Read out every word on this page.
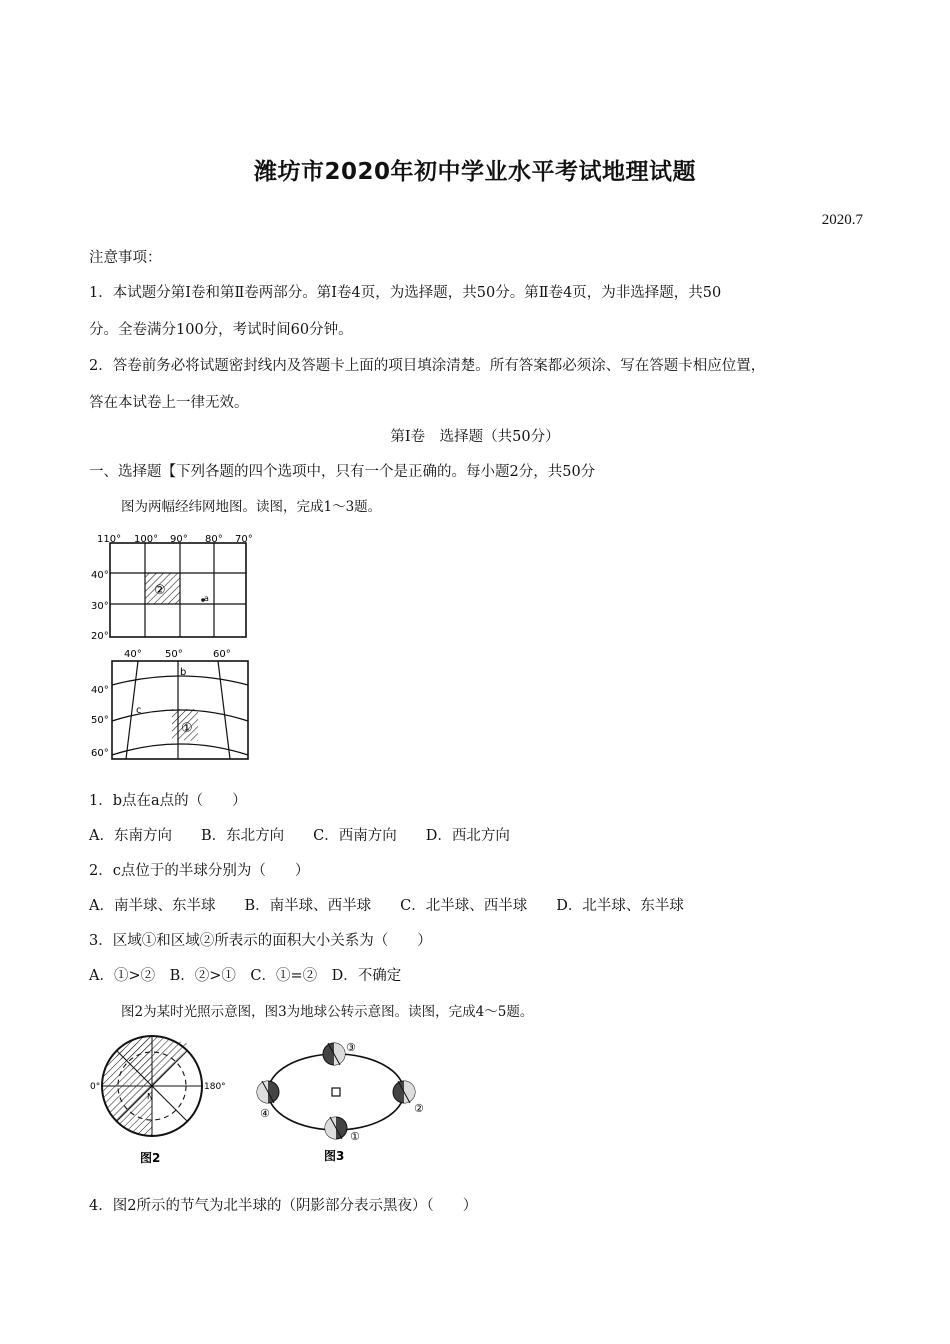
潍坊市2020年初中学业水平考试地理试题
2020.7
注意事项：
1．本试题分第Ⅰ卷和第Ⅱ卷两部分。第Ⅰ卷4页，为选择题，共50分。第Ⅱ卷4页，为非选择题，共50
分。全卷满分100分，考试时间60分钟。
2．答卷前务必将试题密封线内及答题卡上面的项目填涂清楚。所有答案都必须涂、写在答题卡相应位置，
答在本试卷上一律无效。
第Ⅰ卷　选择题（共50分）
一、选择题【下列各题的四个选项中，只有一个是正确的。每小题2分，共50分
图为两幅经纬网地图。读图，完成1～3题。
110° 100° 90° 80° 70°
40°
30°
20°
②
a
40° 50°	60°
40°
50°
60°
b
c
①
1．b点在a点的（　　）
A．东南方向　　B．东北方向　　C．西南方向　　D．西北方向
2．c点位于的半球分别为（　　）
A．南半球、东半球　　B．南半球、西半球　　C．北半球、西半球　　D．北半球、东半球
3．区域①和区域②所表示的面积大小关系为（　　）
A．①>②　B．②>①　C．①=②　D．不确定
图2为某时光照示意图，图3为地球公转示意图。读图，完成4～5题。
0°	180°
N
图2
③
②
①
④
图3
4．图2所示的节气为北半球的（阴影部分表示黑夜）（　　）
